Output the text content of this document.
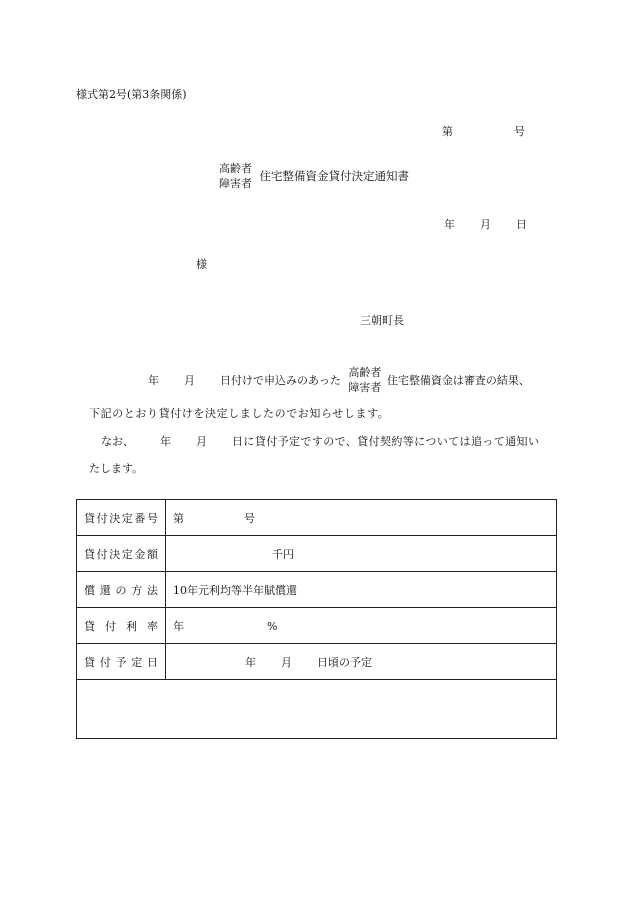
様式第2号(第3条関係)
第	号
高齢者
障害者
住宅整備資金貸付決定通知書
年 月 日
様
三朝町長
年 月 日付けで申込みのあった
高齢者
障害者
住宅整備資金は審査の結果、
下記のとおり貸付けを決定しましたのでお知らせします。
なお、 年 月 日に貸付予定ですので、貸付契約等については追って通知い
たします。
貸付決定番号	第 号
貸付決定金額	千円
償還の方法	10年元利均等半年賦償還
貸付利率	年 %
貸付予定日	年 月 日頃の予定
